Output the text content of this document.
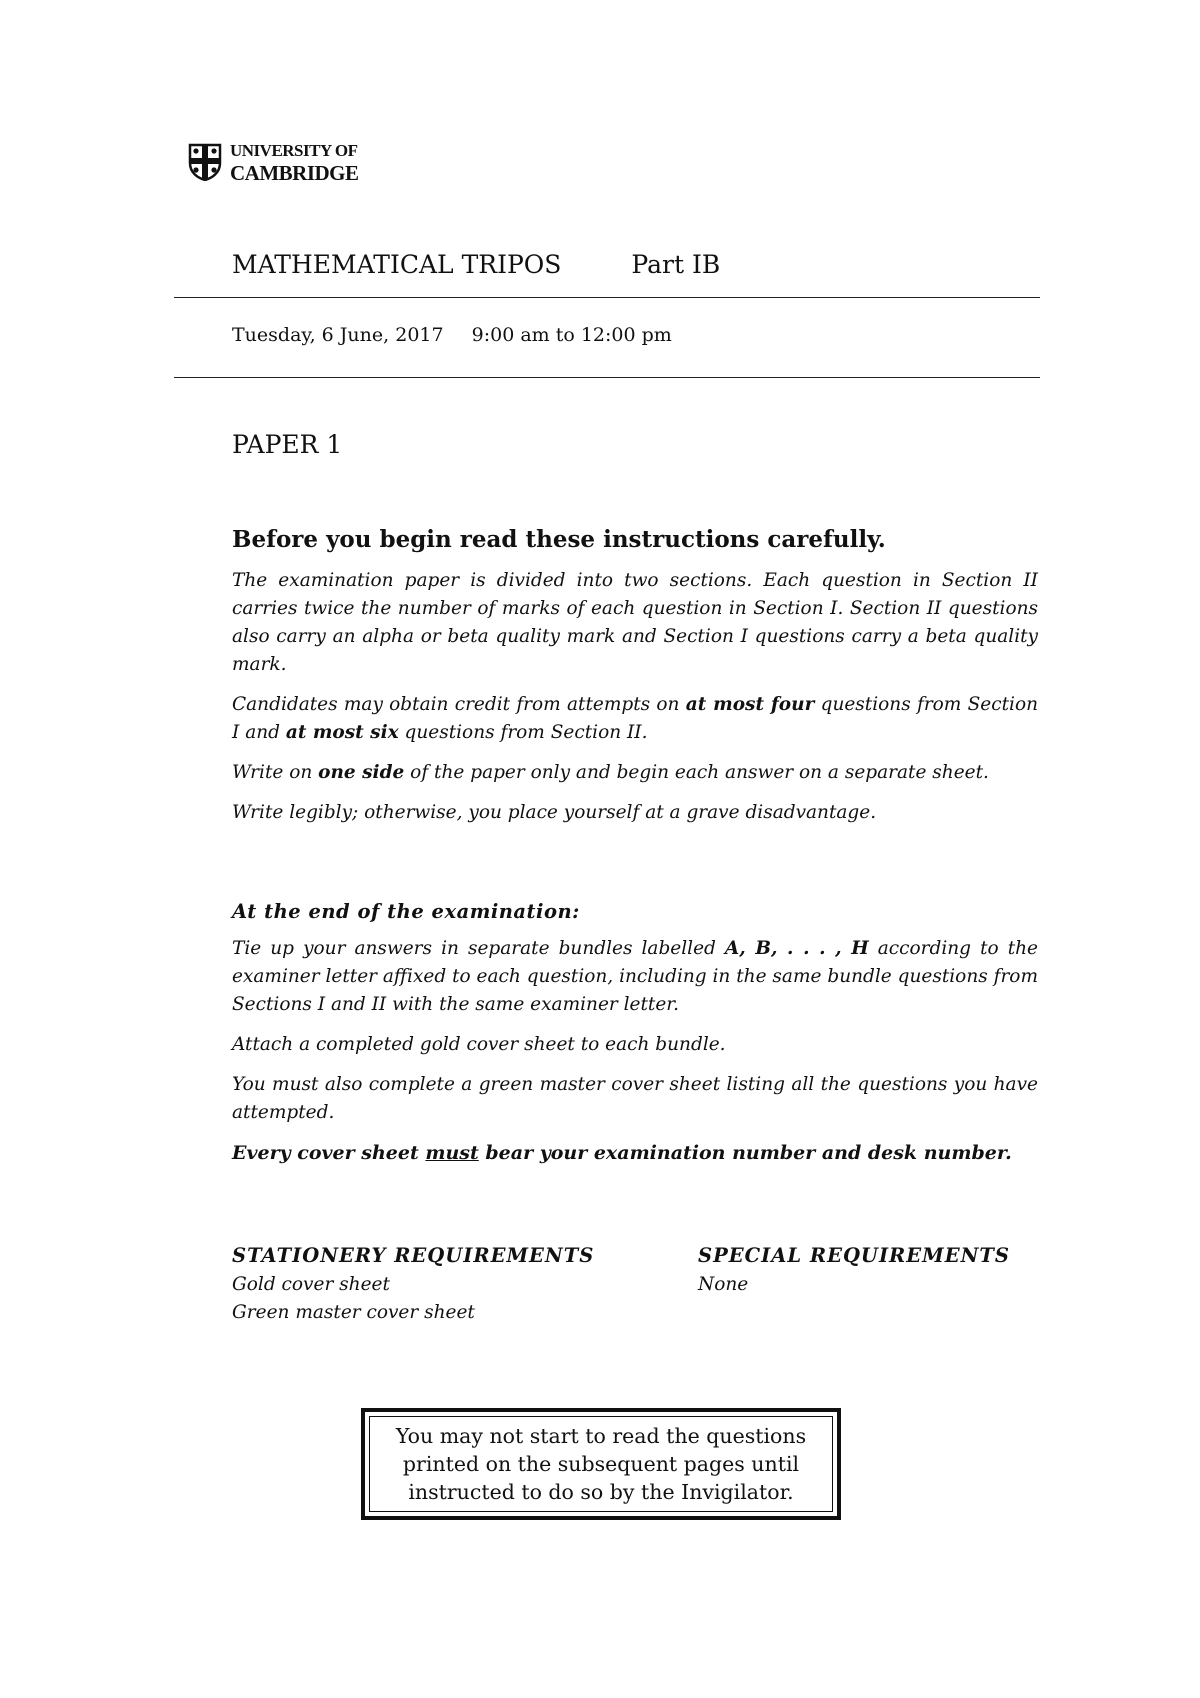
UNIVERSITY OF
CAMBRIDGE
MATHEMATICAL TRIPOS	Part IB
Tuesday, 6 June, 2017 9:00 am to 12:00 pm
PAPER 1
Before you begin read these instructions carefully.

The examination paper is divided into two sections. Each question in Section II carries twice the number of marks of each question in Section I. Section II questions also carry an alpha or beta quality mark and Section I questions carry a beta quality mark.

Candidates may obtain credit from attempts on at most four questions from Section I and at most six questions from Section II.

Write on one side of the paper only and begin each answer on a separate sheet.

Write legibly; otherwise, you place yourself at a grave disadvantage.

At the end of the examination:

Tie up your answers in separate bundles labelled A, B, . . . , H according to the examiner letter affixed to each question, including in the same bundle questions from Sections I and II with the same examiner letter.

Attach a completed gold cover sheet to each bundle.

You must also complete a green master cover sheet listing all the questions you have attempted.

Every cover sheet must bear your examination number and desk number.

STATIONERY REQUIREMENTS
Gold cover sheet
Green master cover sheet
SPECIAL REQUIREMENTS
None
You may not start to read the questions
printed on the subsequent pages until
instructed to do so by the Invigilator.
